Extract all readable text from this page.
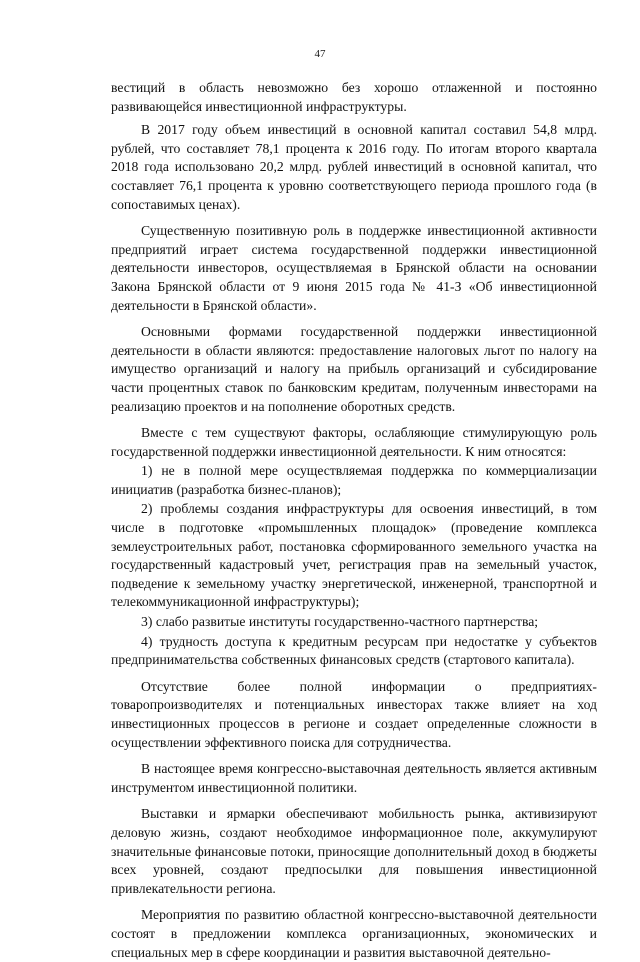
47

вестиций в область невозможно без хорошо отлаженной и постоянно развивающейся инвестиционной инфраструктуры.

В 2017 году объем инвестиций в основной капитал составил 54,8 млрд. рублей, что составляет 78,1 процента к 2016 году. По итогам второго квартала 2018 года использовано 20,2 млрд. рублей инвестиций в основной капитал, что составляет 76,1 процента к уровню соответствующего периода прошлого года (в сопоставимых ценах).

Существенную позитивную роль в поддержке инвестиционной активности предприятий играет система государственной поддержки инвестиционной деятельности инвесторов, осуществляемая в Брянской области на основании Закона Брянской области от 9 июня 2015 года № 41-З «Об инвестиционной деятельности в Брянской области».

Основными формами государственной поддержки инвестиционной деятельности в области являются: предоставление налоговых льгот по налогу на имущество организаций и налогу на прибыль организаций и субсидирование части процентных ставок по банковским кредитам, полученным инвесторами на реализацию проектов и на пополнение оборотных средств.

Вместе с тем существуют факторы, ослабляющие стимулирующую роль государственной поддержки инвестиционной деятельности. К ним относятся:

1) не в полной мере осуществляемая поддержка по коммерциализации инициатив (разработка бизнес-планов);

2) проблемы создания инфраструктуры для освоения инвестиций, в том числе в подготовке «промышленных площадок» (проведение комплекса землеустроительных работ, постановка сформированного земельного участка на государственный кадастровый учет, регистрация прав на земельный участок, подведение к земельному участку энергетической, инженерной, транспортной и телекоммуникационной инфраструктуры);

3) слабо развитые институты государственно-частного партнерства;

4) трудность доступа к кредитным ресурсам при недостатке у субъектов предпринимательства собственных финансовых средств (стартового капитала).

Отсутствие более полной информации о предприятиях-товаропроизводителях и потенциальных инвесторах также влияет на ход инвестиционных процессов в регионе и создает определенные сложности в осуществлении эффективного поиска для сотрудничества.

В настоящее время конгрессно-выставочная деятельность является активным инструментом инвестиционной политики.

Выставки и ярмарки обеспечивают мобильность рынка, активизируют деловую жизнь, создают необходимое информационное поле, аккумулируют значительные финансовые потоки, приносящие дополнительный доход в бюджеты всех уровней, создают предпосылки для повышения инвестиционной привлекательности региона.

Мероприятия по развитию областной конгрессно-выставочной деятельности состоят в предложении комплекса организационных, экономических и специальных мер в сфере координации и развития выставочной деятельно-
